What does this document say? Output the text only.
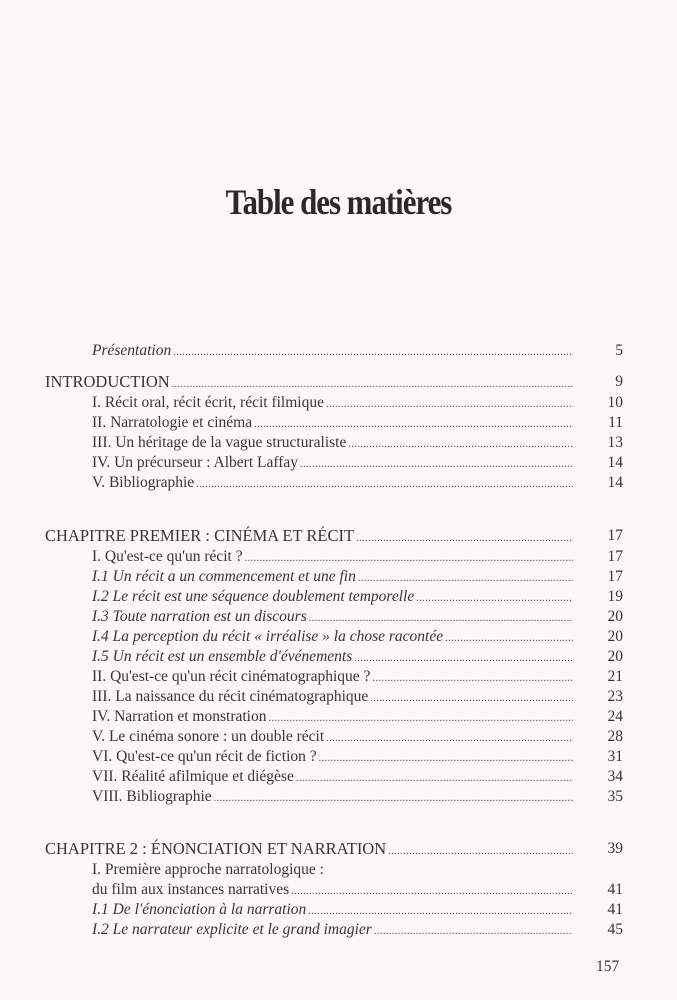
Table des matières
Présentation .....	5
INTRODUCTION .....	9
I. Récit oral, récit écrit, récit filmique .....	10
II. Narratologie et cinéma .....	11
III. Un héritage de la vague structuraliste .....	13
IV. Un précurseur : Albert Laffay .....	14
V. Bibliographie .....	14
CHAPITRE PREMIER : CINÉMA ET RÉCIT .....	17
I. Qu'est-ce qu'un récit ? .....	17
I.1 Un récit a un commencement et une fin .....	17
I.2 Le récit est une séquence doublement temporelle .....	19
I.3 Toute narration est un discours .....	20
I.4 La perception du récit « irréalise » la chose racontée .....	20
I.5 Un récit est un ensemble d'événements .....	20
II. Qu'est-ce qu'un récit cinématographique ? .....	21
III. La naissance du récit cinématographique .....	23
IV. Narration et monstration .....	24
V. Le cinéma sonore : un double récit .....	28
VI. Qu'est-ce qu'un récit de fiction ? .....	31
VII. Réalité afilmique et diégèse .....	34
VIII. Bibliographie .....	35
CHAPITRE 2 : ÉNONCIATION ET NARRATION .....	39
I. Première approche narratologique :
du film aux instances narratives .....	41
I.1 De l'énonciation à la narration .....	41
I.2 Le narrateur explicite et le grand imagier .....	45
157
